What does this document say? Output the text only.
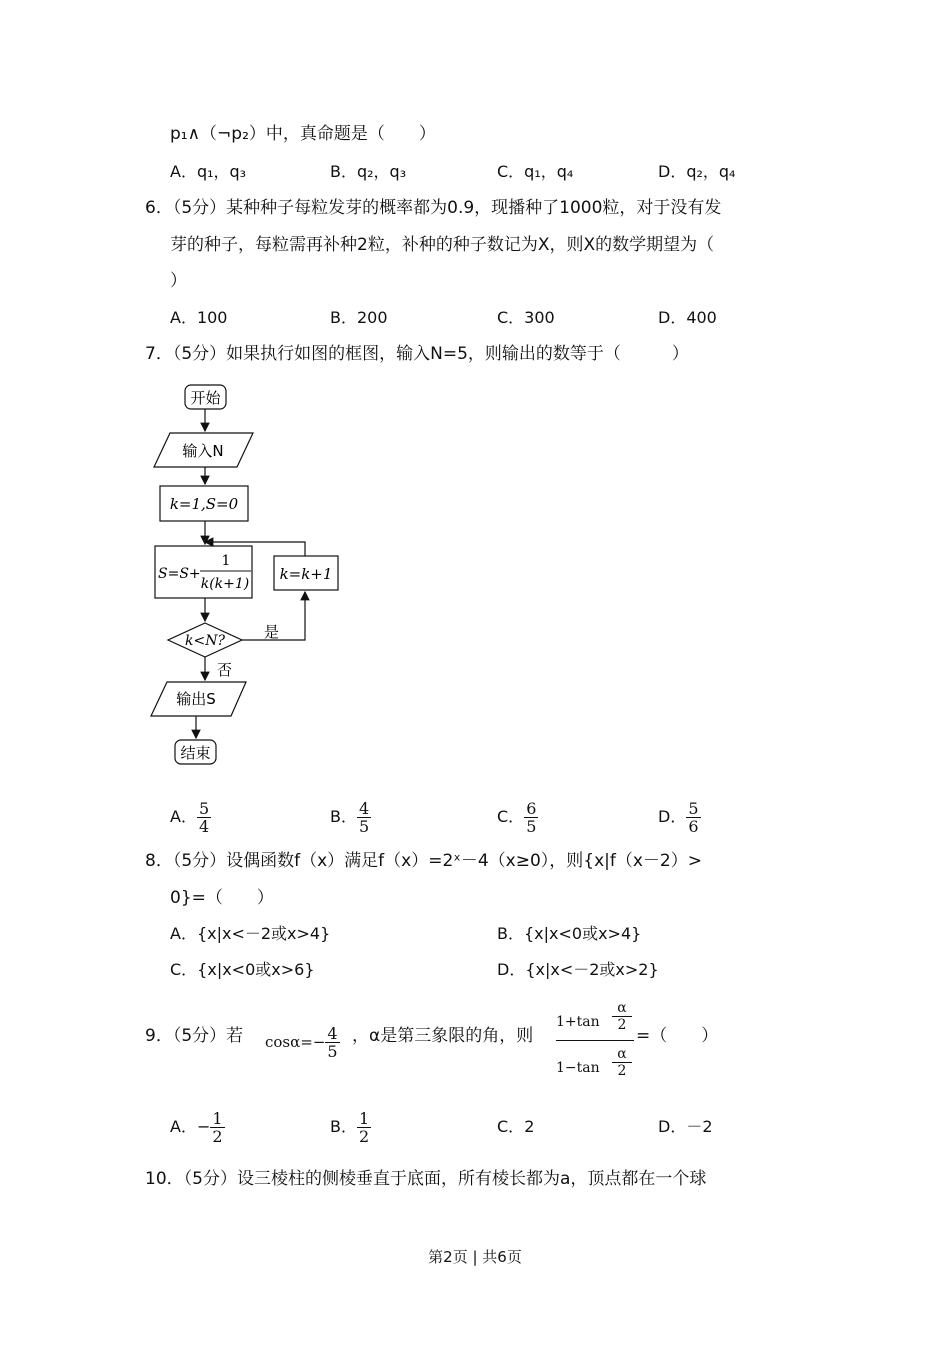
p₁∧（¬p₂）中，真命题是（　　）
A．q₁，q₃	B．q₂，q₃	C．q₁，q₄	D．q₂，q₄
6．（5分）某种种子每粒发芽的概率都为0.9，现播种了1000粒，对于没有发
芽的种子，每粒需再补种2粒，补种的种子数记为X，则X的数学期望为（
）
A．100	B．200	C．300	D．400
7．（5分）如果执行如图的框图，输入N=5，则输出的数等于（　　　）
开始
输入N
k=1,S=0
S=S+
1
k(k+1)
k=k+1
k<N?	是
否
输出S
结束
A． $\frac{5}{4}$	B． $\frac{4}{5}$	C． $\frac{6}{5}$	D． $\frac{5}{6}$
8．（5分）设偶函数f（x）满足f（x）=2ˣ－4（x≥0），则{x|f（x－2）>
0}=（　　）
A．{x|x<－2或x>4}	B．{x|x<0或x>4}
C．{x|x<0或x>6}	D．{x|x<－2或x>2}
9．（5分）若 $\cos\alpha=- \frac{4}{5}$ ，α是第三象限的角，则
1+tan
α
2
1−tan
α
2
=（　　）
A．− $\frac{1}{2}$	B． $\frac{1}{2}$	C．2	D．－2
10．（5分）设三棱柱的侧棱垂直于底面，所有棱长都为a，顶点都在一个球
第2页 | 共6页
